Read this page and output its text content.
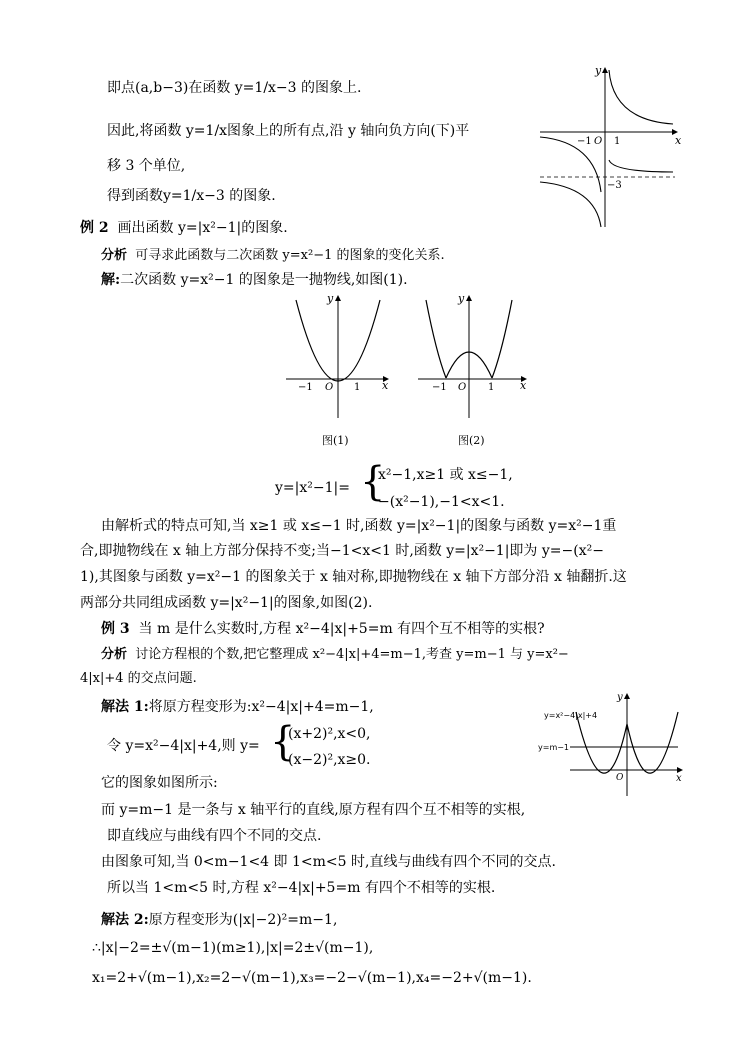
即点(a,b−3)在函数 y=1/x−3 的图象上.
因此,将函数 y=1/x图象上的所有点,沿 y 轴向负方向(下)平
移 3 个单位,
得到函数y=1/x−3 的图象.
例 2 画出函数 y=|x²−1|的图象.
分析 可寻求此函数与二次函数 y=x²−1 的图象的变化关系.
解:二次函数 y=x²−1 的图象是一抛物线,如图(1).
y=|x²−1|= {
x²−1,x≥1 或 x≤−1,
−(x²−1),−1<x<1.
由解析式的特点可知,当 x≥1 或 x≤−1 时,函数 y=|x²−1|的图象与函数 y=x²−1重
合,即抛物线在 x 轴上方部分保持不变;当−1<x<1 时,函数 y=|x²−1|即为 y=−(x²−
1),其图象与函数 y=x²−1 的图象关于 x 轴对称,即抛物线在 x 轴下方部分沿 x 轴翻折.这
两部分共同组成函数 y=|x²−1|的图象,如图(2).
例 3 当 m 是什么实数时,方程 x²−4|x|+5=m 有四个互不相等的实根?
分析 讨论方程根的个数,把它整理成 x²−4|x|+4=m−1,考查 y=m−1 与 y=x²−
4|x|+4 的交点问题.
解法 1:将原方程变形为:x²−4|x|+4=m−1,
令 y=x²−4|x|+4,则 y= {
(x+2)²,x<0,
(x−2)²,x≥0.
它的图象如图所示:
而 y=m−1 是一条与 x 轴平行的直线,原方程有四个互不相等的实根,
即直线应与曲线有四个不同的交点.
由图象可知,当 0<m−1<4 即 1<m<5 时,直线与曲线有四个不同的交点.
所以当 1<m<5 时,方程 x²−4|x|+5=m 有四个不相等的实根.
解法 2:原方程变形为(|x|−2)²=m−1,
∴|x|−2=±√(m−1)(m≥1),|x|=2±√(m−1),
x₁=2+√(m−1),x₂=2−√(m−1),x₃=−2−√(m−1),x₄=−2+√(m−1).
y
x
O
−1 1
−3
y
x
O
−1	1
图(1)
y
x
O
−1	1
图(2)
y
x
O
y=x²−4|x|+4
y=m−1
